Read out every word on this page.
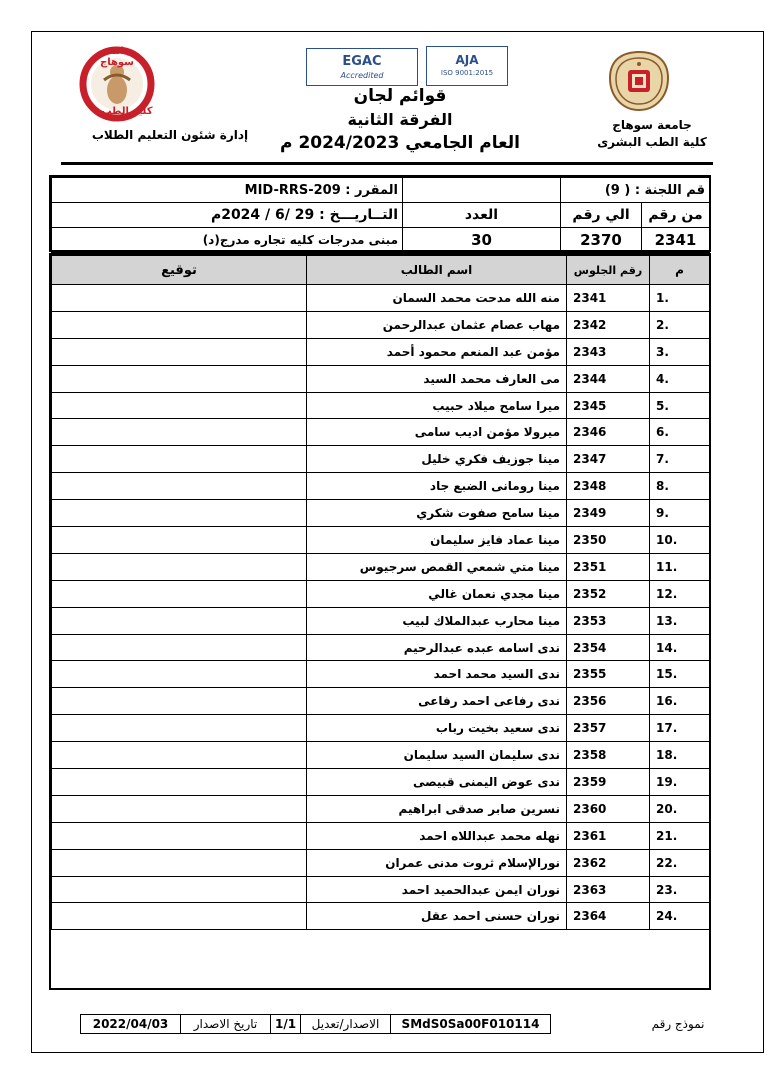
جامعة سوهاج
كلية الطب البشرى
EGAC
Accredited
AJA
ISO 9001:2015
قوائم لجان
الفرقة الثانية
العام الجامعي 2024/2023 م
جامعة سوهاج
كلية الطب
إدارة شئون التعليم الطلاب
المقرر : MID-RRS-209		قم اللجنة : ( 9)	
التــاريـــخ : 29 /6 / 2024م	العدد	الي رقم	من رقم
مبنى مدرجات كليه تجاره مدرج(د)	30	2370	2341
توقيع	اسم الطالب	رقم الجلوس	م
	منه الله مدحت محمد السمان	2341	1.
	مهاب عصام عثمان عبدالرحمن	2342	2.
	مؤمن عبد المنعم محمود أحمد	2343	3.
	مى العارف محمد السيد	2344	4.
	ميرا سامح ميلاد حبيب	2345	5.
	ميرولا مؤمن اديب سامى	2346	6.
	مينا جوزيف فكري خليل	2347	7.
	مينا رومانى الضبع جاد	2348	8.
	مينا سامح صفوت شكري	2349	9.
	مينا عماد فايز سليمان	2350	10.
	مينا متي شمعي القمص سرجيوس	2351	11.
	مينا مجدي نعمان غالي	2352	12.
	مينا محارب عبدالملاك لبيب	2353	13.
	ندى اسامه عبده عبدالرحيم	2354	14.
	ندى السيد محمد احمد	2355	15.
	ندى رفاعى احمد رفاعى	2356	16.
	ندى سعيد بخيت رباب	2357	17.
	ندى سليمان السيد سليمان	2358	18.
	ندى عوض اليمنى قبيصى	2359	19.
	نسرين صابر صدقى ابراهيم	2360	20.
	نهله محمد عبداللاه احمد	2361	21.
	نورالإسلام ثروت مدنى عمران	2362	22.
	نوران ايمن عبدالحميد احمد	2363	23.
	نوران حسنى احمد عقل	2364	24.
2022/04/03	تاريخ الاصدار	1/1	الاصدار/تعديل	SMdS0Sa00F010114	نموذج رقم
